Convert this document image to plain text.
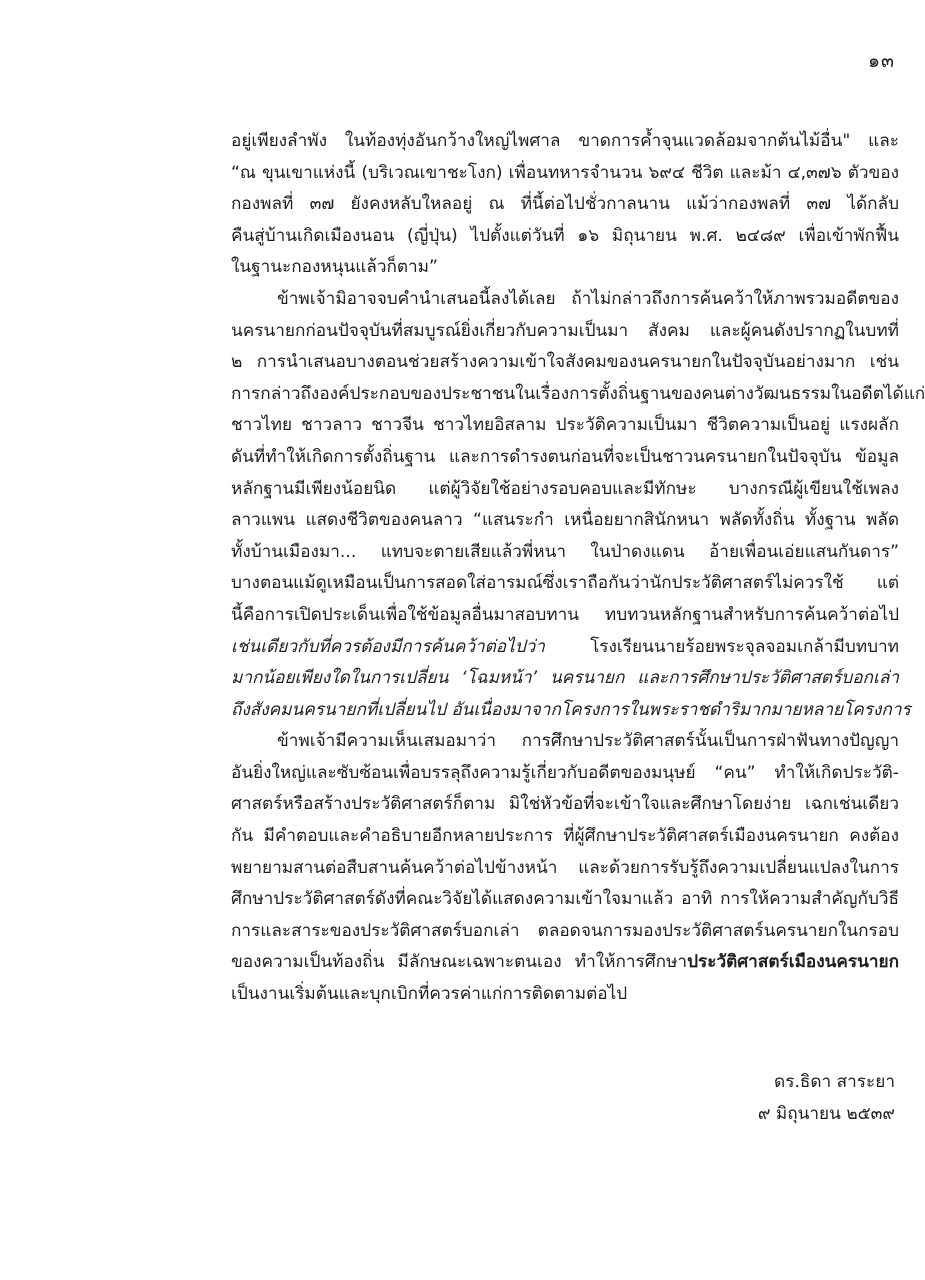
๑๓
อยู่เพียงลำพัง ในท้องทุ่งอันกว้างใหญ่ไพศาล ขาดการค้ำจุนแวดล้อมจากต้นไม้อื่น" และ
“ณ ขุนเขาแห่งนี้ (บริเวณเขาชะโงก) เพื่อนทหารจำนวน ๖๙๔ ชีวิต และม้า ๔,๓๗๖ ตัวของ
กองพลที่ ๓๗ ยังคงหลับใหลอยู่ ณ ที่นี้ต่อไปชั่วกาลนาน แม้ว่ากองพลที่ ๓๗ ได้กลับ
คืนสู่บ้านเกิดเมืองนอน (ญี่ปุ่น) ไปตั้งแต่วันที่ ๑๖ มิถุนายน พ.ศ. ๒๔๘๙ เพื่อเข้าพักฟื้น
ในฐานะกองหนุนแล้วก็ตาม”
ข้าพเจ้ามิอาจจบคำนำเสนอนี้ลงได้เลย ถ้าไม่กล่าวถึงการค้นคว้าให้ภาพรวมอดีตของ
นครนายกก่อนปัจจุบันที่สมบูรณ์ยิ่งเกี่ยวกับความเป็นมา สังคม และผู้คนดังปรากฏในบทที่
๒ การนำเสนอบางตอนช่วยสร้างความเข้าใจสังคมของนครนายกในปัจจุบันอย่างมาก เช่น
การกล่าวถึงองค์ประกอบของประชาชนในเรื่องการตั้งถิ่นฐานของคนต่างวัฒนธรรมในอดีตได้แก่
ชาวไทย ชาวลาว ชาวจีน ชาวไทยอิสลาม ประวัติความเป็นมา ชีวิตความเป็นอยู่ แรงผลัก
ดันที่ทำให้เกิดการตั้งถิ่นฐาน และการดำรงตนก่อนที่จะเป็นชาวนครนายกในปัจจุบัน ข้อมูล
หลักฐานมีเพียงน้อยนิด แต่ผู้วิจัยใช้อย่างรอบคอบและมีทักษะ บางกรณีผู้เขียนใช้เพลง
ลาวแพน แสดงชีวิตของคนลาว “แสนระกำ เหนื่อยยากสินักหนา พลัดทั้งถิ่น ทั้งฐาน พลัด
ทั้งบ้านเมืองมา... แทบจะตายเสียแล้วพี่หนา ในป่าดงแดน อ้ายเพื่อนเอ่ยแสนกันดาร”
บางตอนแม้ดูเหมือนเป็นการสอดใส่อารมณ์ซึ่งเราถือกันว่านักประวัติศาสตร์ไม่ควรใช้ แต่
นี้คือการเปิดประเด็นเพื่อใช้ข้อมูลอื่นมาสอบทาน ทบทวนหลักฐานสำหรับการค้นคว้าต่อไป
เช่นเดียวกับที่ควรต้องมีการค้นคว้าต่อไปว่า	โรงเรียนนายร้อยพระจุลจอมเกล้ามีบทบาท
มากน้อยเพียงใดในการเปลี่ยน ‘โฉมหน้า’ นครนายก และการศึกษาประวัติศาสตร์บอกเล่า
ถึงสังคมนครนายกที่เปลี่ยนไป อันเนื่องมาจากโครงการในพระราชดำริมากมายหลายโครงการ
ข้าพเจ้ามีความเห็นเสมอมาว่า การศึกษาประวัติศาสตร์นั้นเป็นการฝ่าฟันทางปัญญา
อันยิ่งใหญ่และซับซ้อนเพื่อบรรลุถึงความรู้เกี่ยวกับอดีตของมนุษย์ “คน” ทำให้เกิดประวัติ-
ศาสตร์หรือสร้างประวัติศาสตร์ก็ตาม มิใช่หัวข้อที่จะเข้าใจและศึกษาโดยง่าย เฉกเช่นเดียว
กัน มีคำตอบและคำอธิบายอีกหลายประการ ที่ผู้ศึกษาประวัติศาสตร์เมืองนครนายก คงต้อง
พยายามสานต่อสืบสานค้นคว้าต่อไปข้างหน้า และด้วยการรับรู้ถึงความเปลี่ยนแปลงในการ
ศึกษาประวัติศาสตร์ดังที่คณะวิจัยได้แสดงความเข้าใจมาแล้ว อาทิ การให้ความสำคัญกับวิธี
การและสาระของประวัติศาสตร์บอกเล่า ตลอดจนการมองประวัติศาสตร์นครนายกในกรอบ
ของความเป็นท้องถิ่น มีลักษณะเฉพาะตนเอง ทำให้การศึกษาประวัติศาสตร์เมืองนครนายก
เป็นงานเริ่มต้นและบุกเบิกที่ควรค่าแก่การติดตามต่อไป
ดร.ธิดา สาระยา
๙ มิถุนายน ๒๕๓๙
